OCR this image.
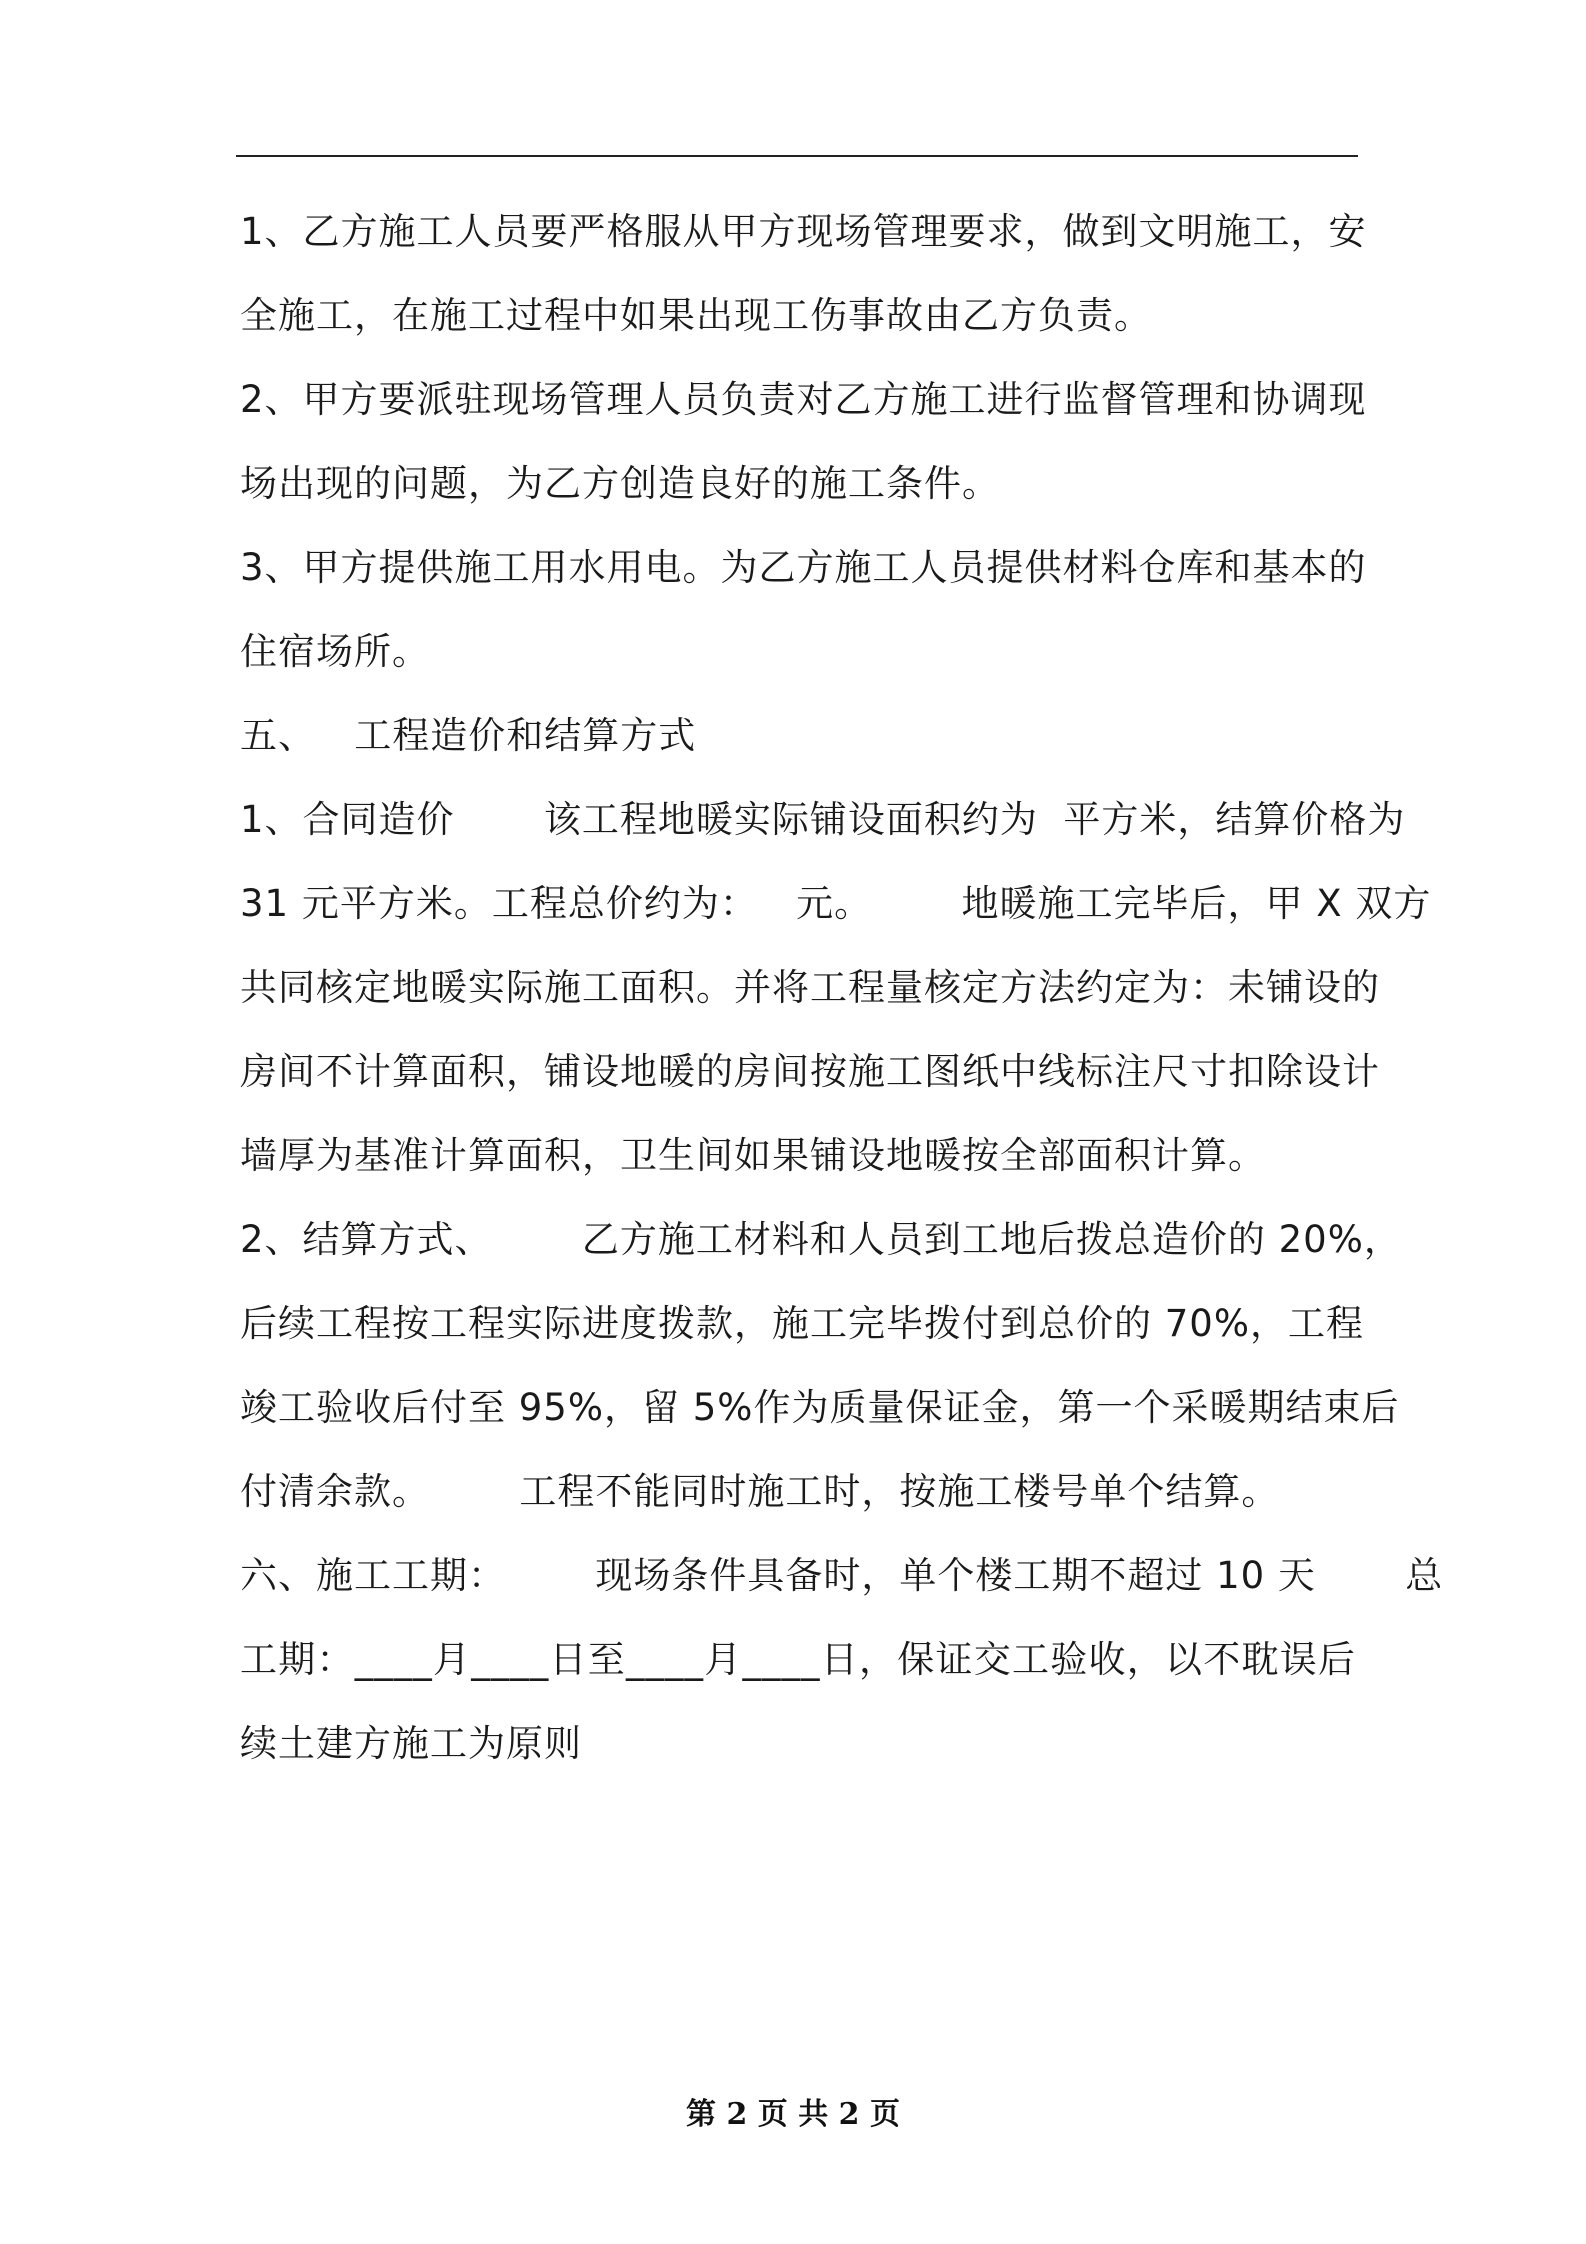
1、乙方施工人员要严格服从甲方现场管理要求，做到文明施工，安
全施工，在施工过程中如果出现工伤事故由乙方负责。
2、甲方要派驻现场管理人员负责对乙方施工进行监督管理和协调现
场出现的问题，为乙方创造良好的施工条件。
3、甲方提供施工用水用电。为乙方施工人员提供材料仓库和基本的
住宿场所。
五、   工程造价和结算方式
1、合同造价       该工程地暖实际铺设面积约为  平方米，结算价格为
31 元平方米。工程总价约为：   元。       地暖施工完毕后，甲 X 双方
共同核定地暖实际施工面积。并将工程量核定方法约定为：未铺设的
房间不计算面积，铺设地暖的房间按施工图纸中线标注尺寸扣除设计
墙厚为基准计算面积，卫生间如果铺设地暖按全部面积计算。
2、结算方式、       乙方施工材料和人员到工地后拨总造价的 20%，
后续工程按工程实际进度拨款，施工完毕拨付到总价的 70%，工程
竣工验收后付至 95%，留 5%作为质量保证金，第一个采暖期结束后
付清余款。       工程不能同时施工时，按施工楼号单个结算。
六、施工工期：       现场条件具备时，单个楼工期不超过 10 天       总
工期：____月____日至____月____日，保证交工验收，以不耽误后
续土建方施工为原则
第 2 页 共 2 页
